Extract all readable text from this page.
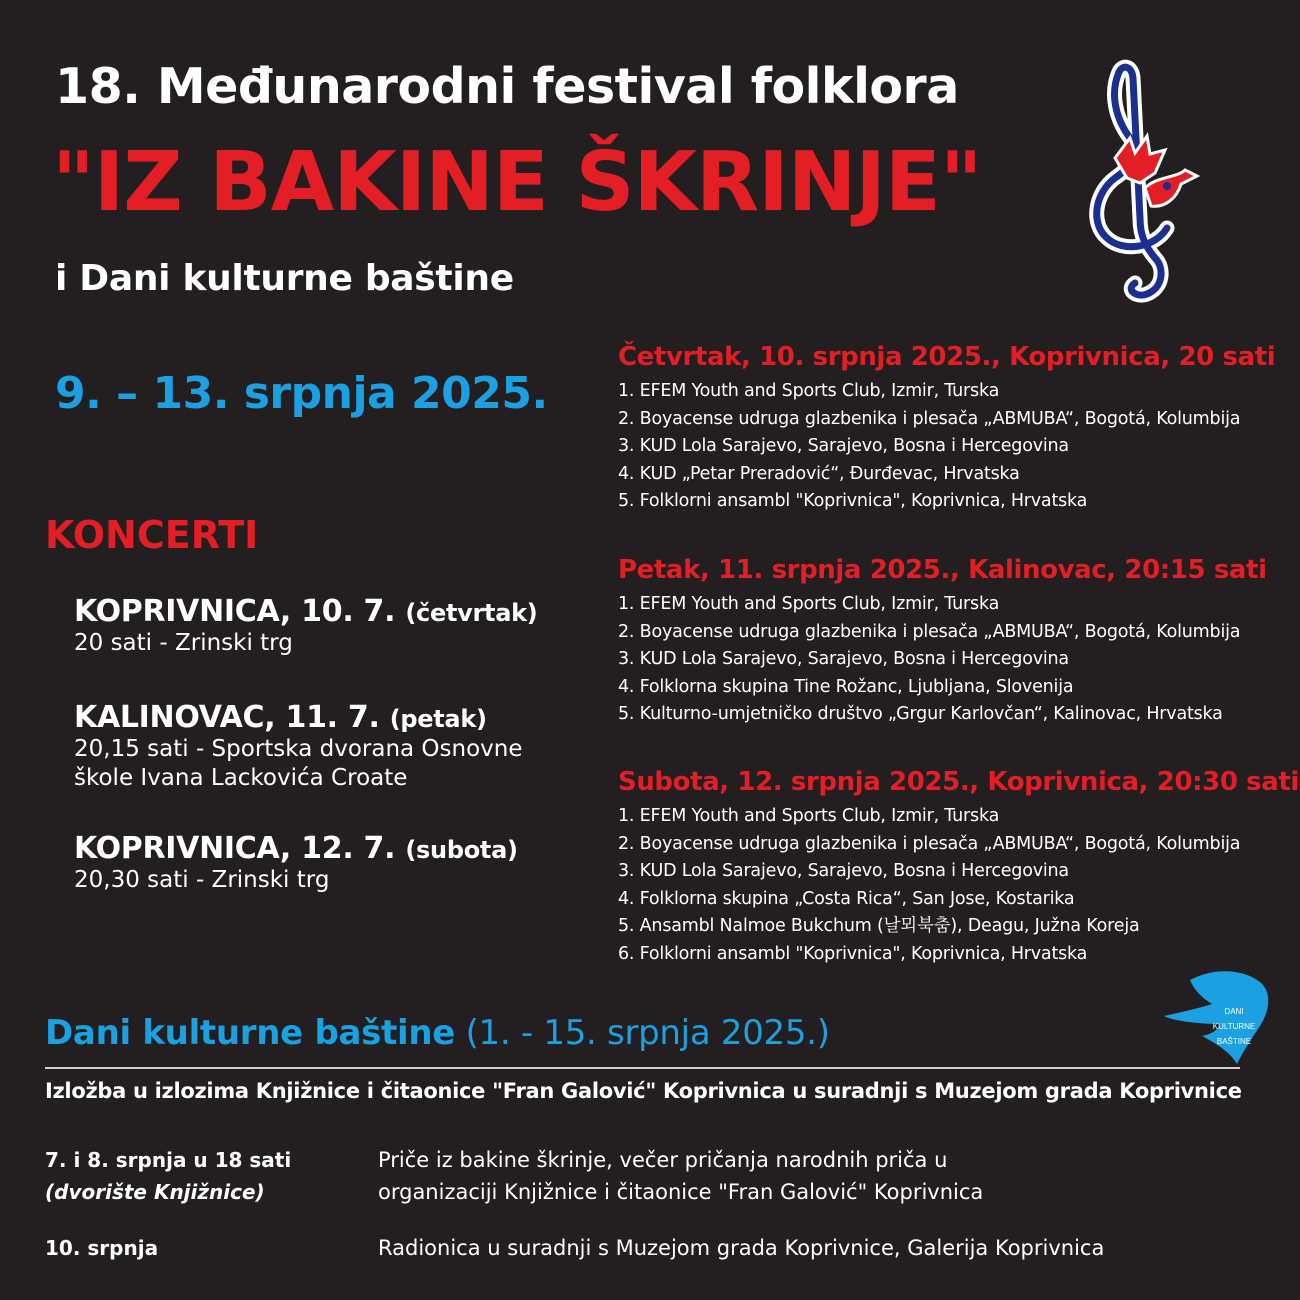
18. Međunarodni festival folklora
"IZ BAKINE ŠKRINJE"
i Dani kulturne baštine
9. – 13. srpnja 2025.
KONCERTI
KOPRIVNICA, 10. 7. (četvrtak)
20 sati - Zrinski trg
KALINOVAC, 11. 7. (petak)
20,15 sati - Sportska dvorana Osnovne
škole Ivana Lackovića Croate
KOPRIVNICA, 12. 7. (subota)
20,30 sati - Zrinski trg
Četvrtak, 10. srpnja 2025., Koprivnica, 20 sati
1. EFEM Youth and Sports Club, Izmir, Turska
2. Boyacense udruga glazbenika i plesača „ABMUBA“, Bogotá, Kolumbija
3. KUD Lola Sarajevo, Sarajevo, Bosna i Hercegovina
4. KUD „Petar Preradović“, Đurđevac, Hrvatska
5. Folklorni ansambl "Koprivnica", Koprivnica, Hrvatska
Petak, 11. srpnja 2025., Kalinovac, 20:15 sati
1. EFEM Youth and Sports Club, Izmir, Turska
2. Boyacense udruga glazbenika i plesača „ABMUBA“, Bogotá, Kolumbija
3. KUD Lola Sarajevo, Sarajevo, Bosna i Hercegovina
4. Folklorna skupina Tine Rožanc, Ljubljana, Slovenija
5. Kulturno-umjetničko društvo „Grgur Karlovčan“, Kalinovac, Hrvatska
Subota, 12. srpnja 2025., Koprivnica, 20:30 sati
1. EFEM Youth and Sports Club, Izmir, Turska
2. Boyacense udruga glazbenika i plesača „ABMUBA“, Bogotá, Kolumbija
3. KUD Lola Sarajevo, Sarajevo, Bosna i Hercegovina
4. Folklorna skupina „Costa Rica“, San Jose, Kostarika
5. Ansambl Nalmoe Bukchum (날뫼북춤), Deagu, Južna Koreja
6. Folklorni ansambl "Koprivnica", Koprivnica, Hrvatska
Dani kulturne baštine (1. - 15. srpnja 2025.)
DANI
KULTURNE
BAŠTINE
Izložba u izlozima Knjižnice i čitaonice "Fran Galović" Koprivnica u suradnji s Muzejom grada Koprivnice
7. i 8. srpnja u 18 sati
(dvorište Knjižnice)
Priče iz bakine škrinje, večer pričanja narodnih priča u
organizaciji Knjižnice i čitaonice "Fran Galović" Koprivnica
10. srpnja	Radionica u suradnji s Muzejom grada Koprivnice, Galerija Koprivnica
